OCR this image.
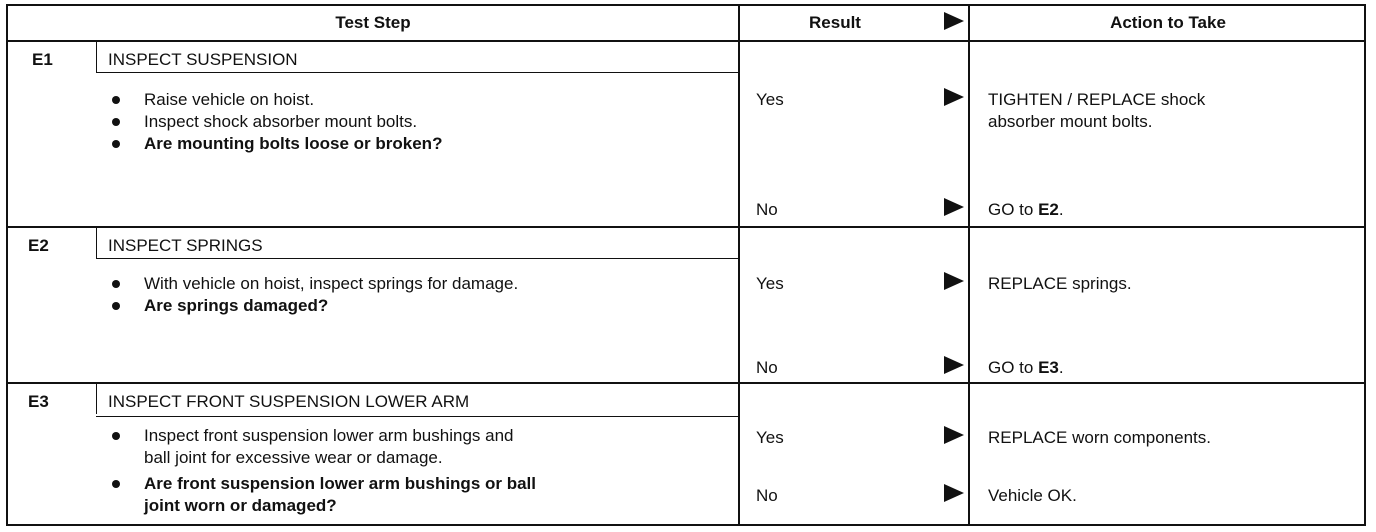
Test Step	Result	Action to Take
E1	INSPECT SUSPENSION
Raise vehicle on hoist.
Inspect shock absorber mount bolts.
Are mounting bolts loose or broken?
Yes	TIGHTEN / REPLACE shock
absorber mount bolts.
No	GO to E2.
E2	INSPECT SPRINGS
With vehicle on hoist, inspect springs for damage.
Are springs damaged?
Yes	REPLACE springs.
No	GO to E3.
E3	INSPECT FRONT SUSPENSION LOWER ARM
Inspect front suspension lower arm bushings and
ball joint for excessive wear or damage.
Are front suspension lower arm bushings or ball
joint worn or damaged?
Yes	REPLACE worn components.
No	Vehicle OK.
